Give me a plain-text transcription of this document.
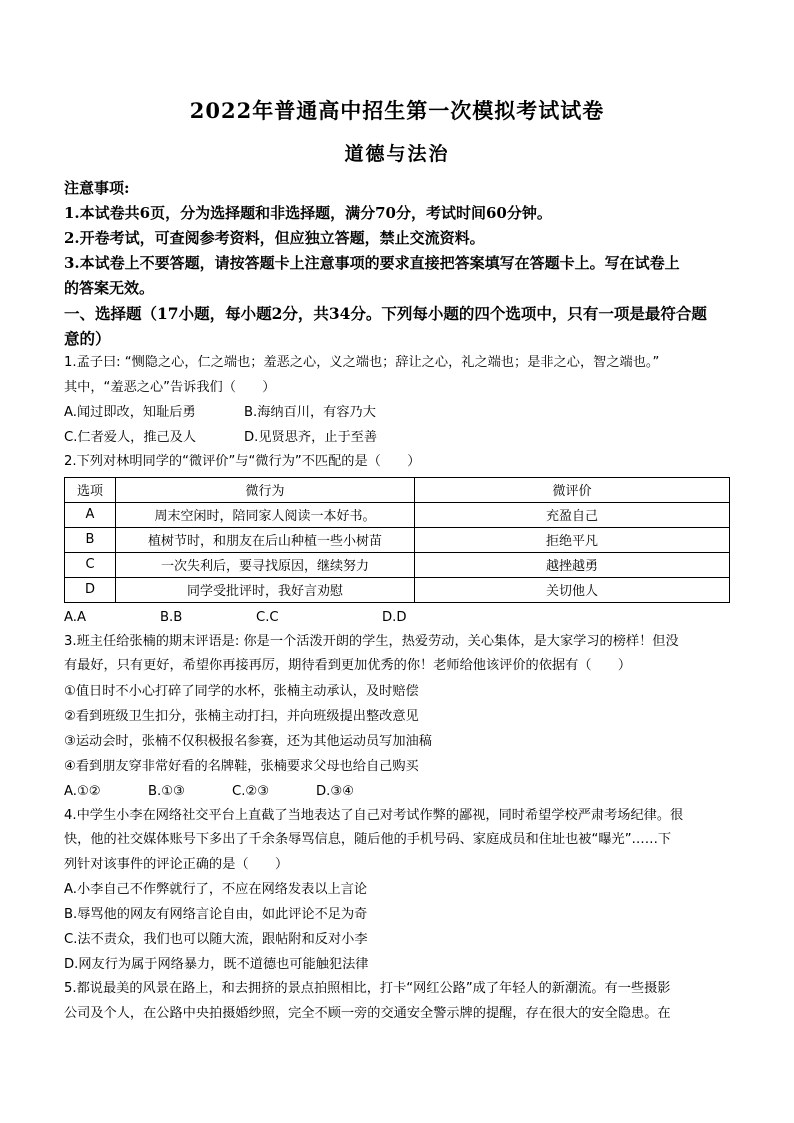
2022年普通高中招生第一次模拟考试试卷
道德与法治
注意事项:
1.本试卷共6页，分为选择题和非选择题，满分70分，考试时间60分钟。
2.开卷考试，可查阅参考资料，但应独立答题，禁止交流资料。
3.本试卷上不要答题，请按答题卡上注意事项的要求直接把答案填写在答题卡上。写在试卷上
的答案无效。
一、选择题（17小题，每小题2分，共34分。下列每小题的四个选项中，只有一项是最符合题
意的）
1.孟子曰: “恻隐之心，仁之端也；羞恶之心，义之端也；辞让之心，礼之端也；是非之心，智之端也。”
其中，“羞恶之心”告诉我们（　　）
A.闻过即改，知耻后勇	B.海纳百川，有容乃大
C.仁者爱人，推己及人	D.见贤思齐，止于至善
2.下列对林明同学的“微评价”与“微行为”不匹配的是（　　）
选项	微行为	微评价
A	周末空闲时，陪同家人阅读一本好书。	充盈自己
B	植树节时，和朋友在后山种植一些小树苗	拒绝平凡
C	一次失利后，要寻找原因，继续努力	越挫越勇
D	同学受批评时，我好言劝慰	关切他人
A.A	B.B	C.C	D.D
3.班主任给张楠的期末评语是: 你是一个活泼开朗的学生，热爱劳动，关心集体，是大家学习的榜样！但没
有最好，只有更好，希望你再接再厉，期待看到更加优秀的你！老师给他该评价的依据有（　　）
①值日时不小心打碎了同学的水杯，张楠主动承认，及时赔偿
②看到班级卫生扣分，张楠主动打扫，并向班级提出整改意见
③运动会时，张楠不仅积极报名参赛，还为其他运动员写加油稿
④看到朋友穿非常好看的名牌鞋，张楠要求父母也给自己购买
A.①②	B.①③	C.②③	D.③④
4.中学生小李在网络社交平台上直截了当地表达了自己对考试作弊的鄙视，同时希望学校严肃考场纪律。很
快，他的社交媒体账号下多出了千余条辱骂信息，随后他的手机号码、家庭成员和住址也被“曝光”……下
列针对该事件的评论正确的是（　　）
A.小李自己不作弊就行了，不应在网络发表以上言论
B.辱骂他的网友有网络言论自由，如此评论不足为奇
C.法不责众，我们也可以随大流，跟帖附和反对小李
D.网友行为属于网络暴力，既不道德也可能触犯法律
5.都说最美的风景在路上，和去拥挤的景点拍照相比，打卡“网红公路”成了年轻人的新潮流。有一些摄影
公司及个人，在公路中央拍摄婚纱照，完全不顾一旁的交通安全警示牌的提醒，存在很大的安全隐患。在
